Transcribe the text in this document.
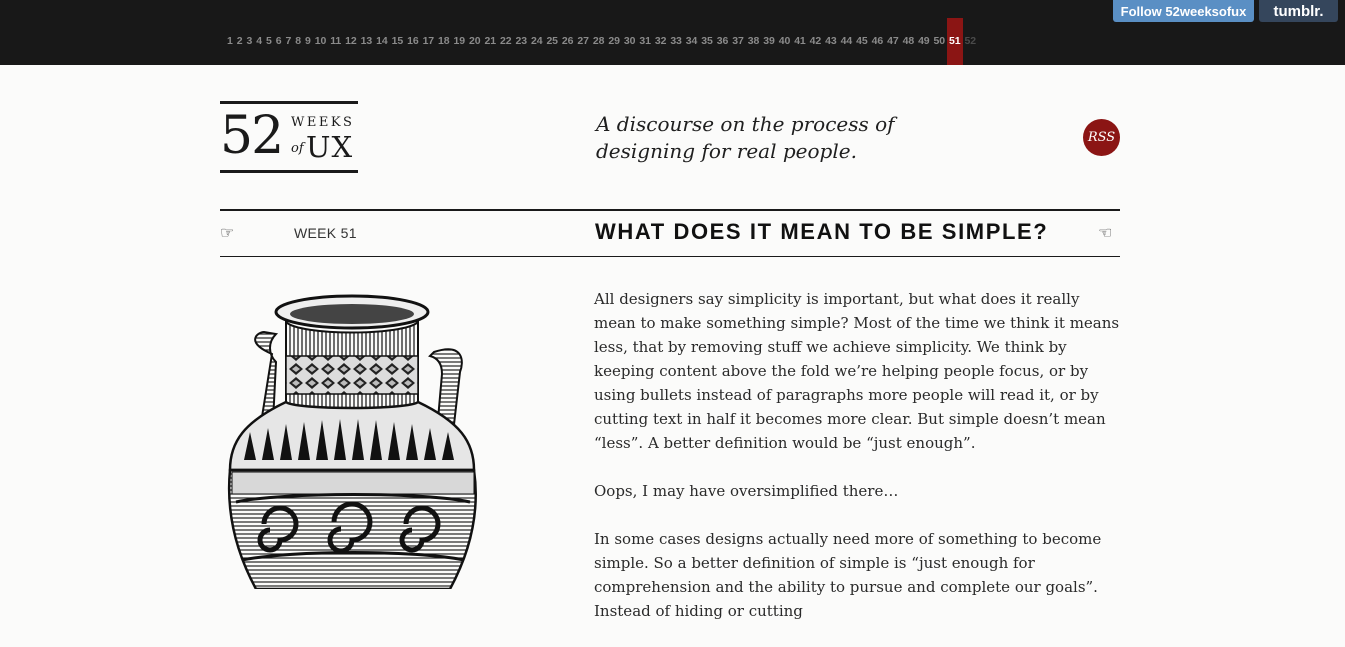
1 2 3 4 5 6 7 8 9 10 11 12 13 14 15 16 17 18 19 20 21 22 23 24 25 26 27 28 29 30 31 32 33 34 35 36 37 38 39 40 41 42 43 44 45 46 47 48 49 50 51 52
Follow 52weeksofux	tumblr.
52 WEEKS
of UX
A discourse on the process of
designing for real people.
RSS
☞	WEEK 51	WHAT DOES IT MEAN TO BE SIMPLE?	☜

All designers say simplicity is important, but what does it really mean to make something simple? Most of the time we think it means less, that by removing stuff we achieve simplicity. We think by keeping content above the fold we’re helping people focus, or by using bullets instead of paragraphs more people will read it, or by cutting text in half it becomes more clear. But simple doesn’t mean “less”. A better definition would be “just enough”.

Oops, I may have oversimplified there…

In some cases designs actually need more of something to become simple. So a better definition of simple is “just enough for comprehension and the ability to pursue and complete our goals”. Instead of hiding or cutting
